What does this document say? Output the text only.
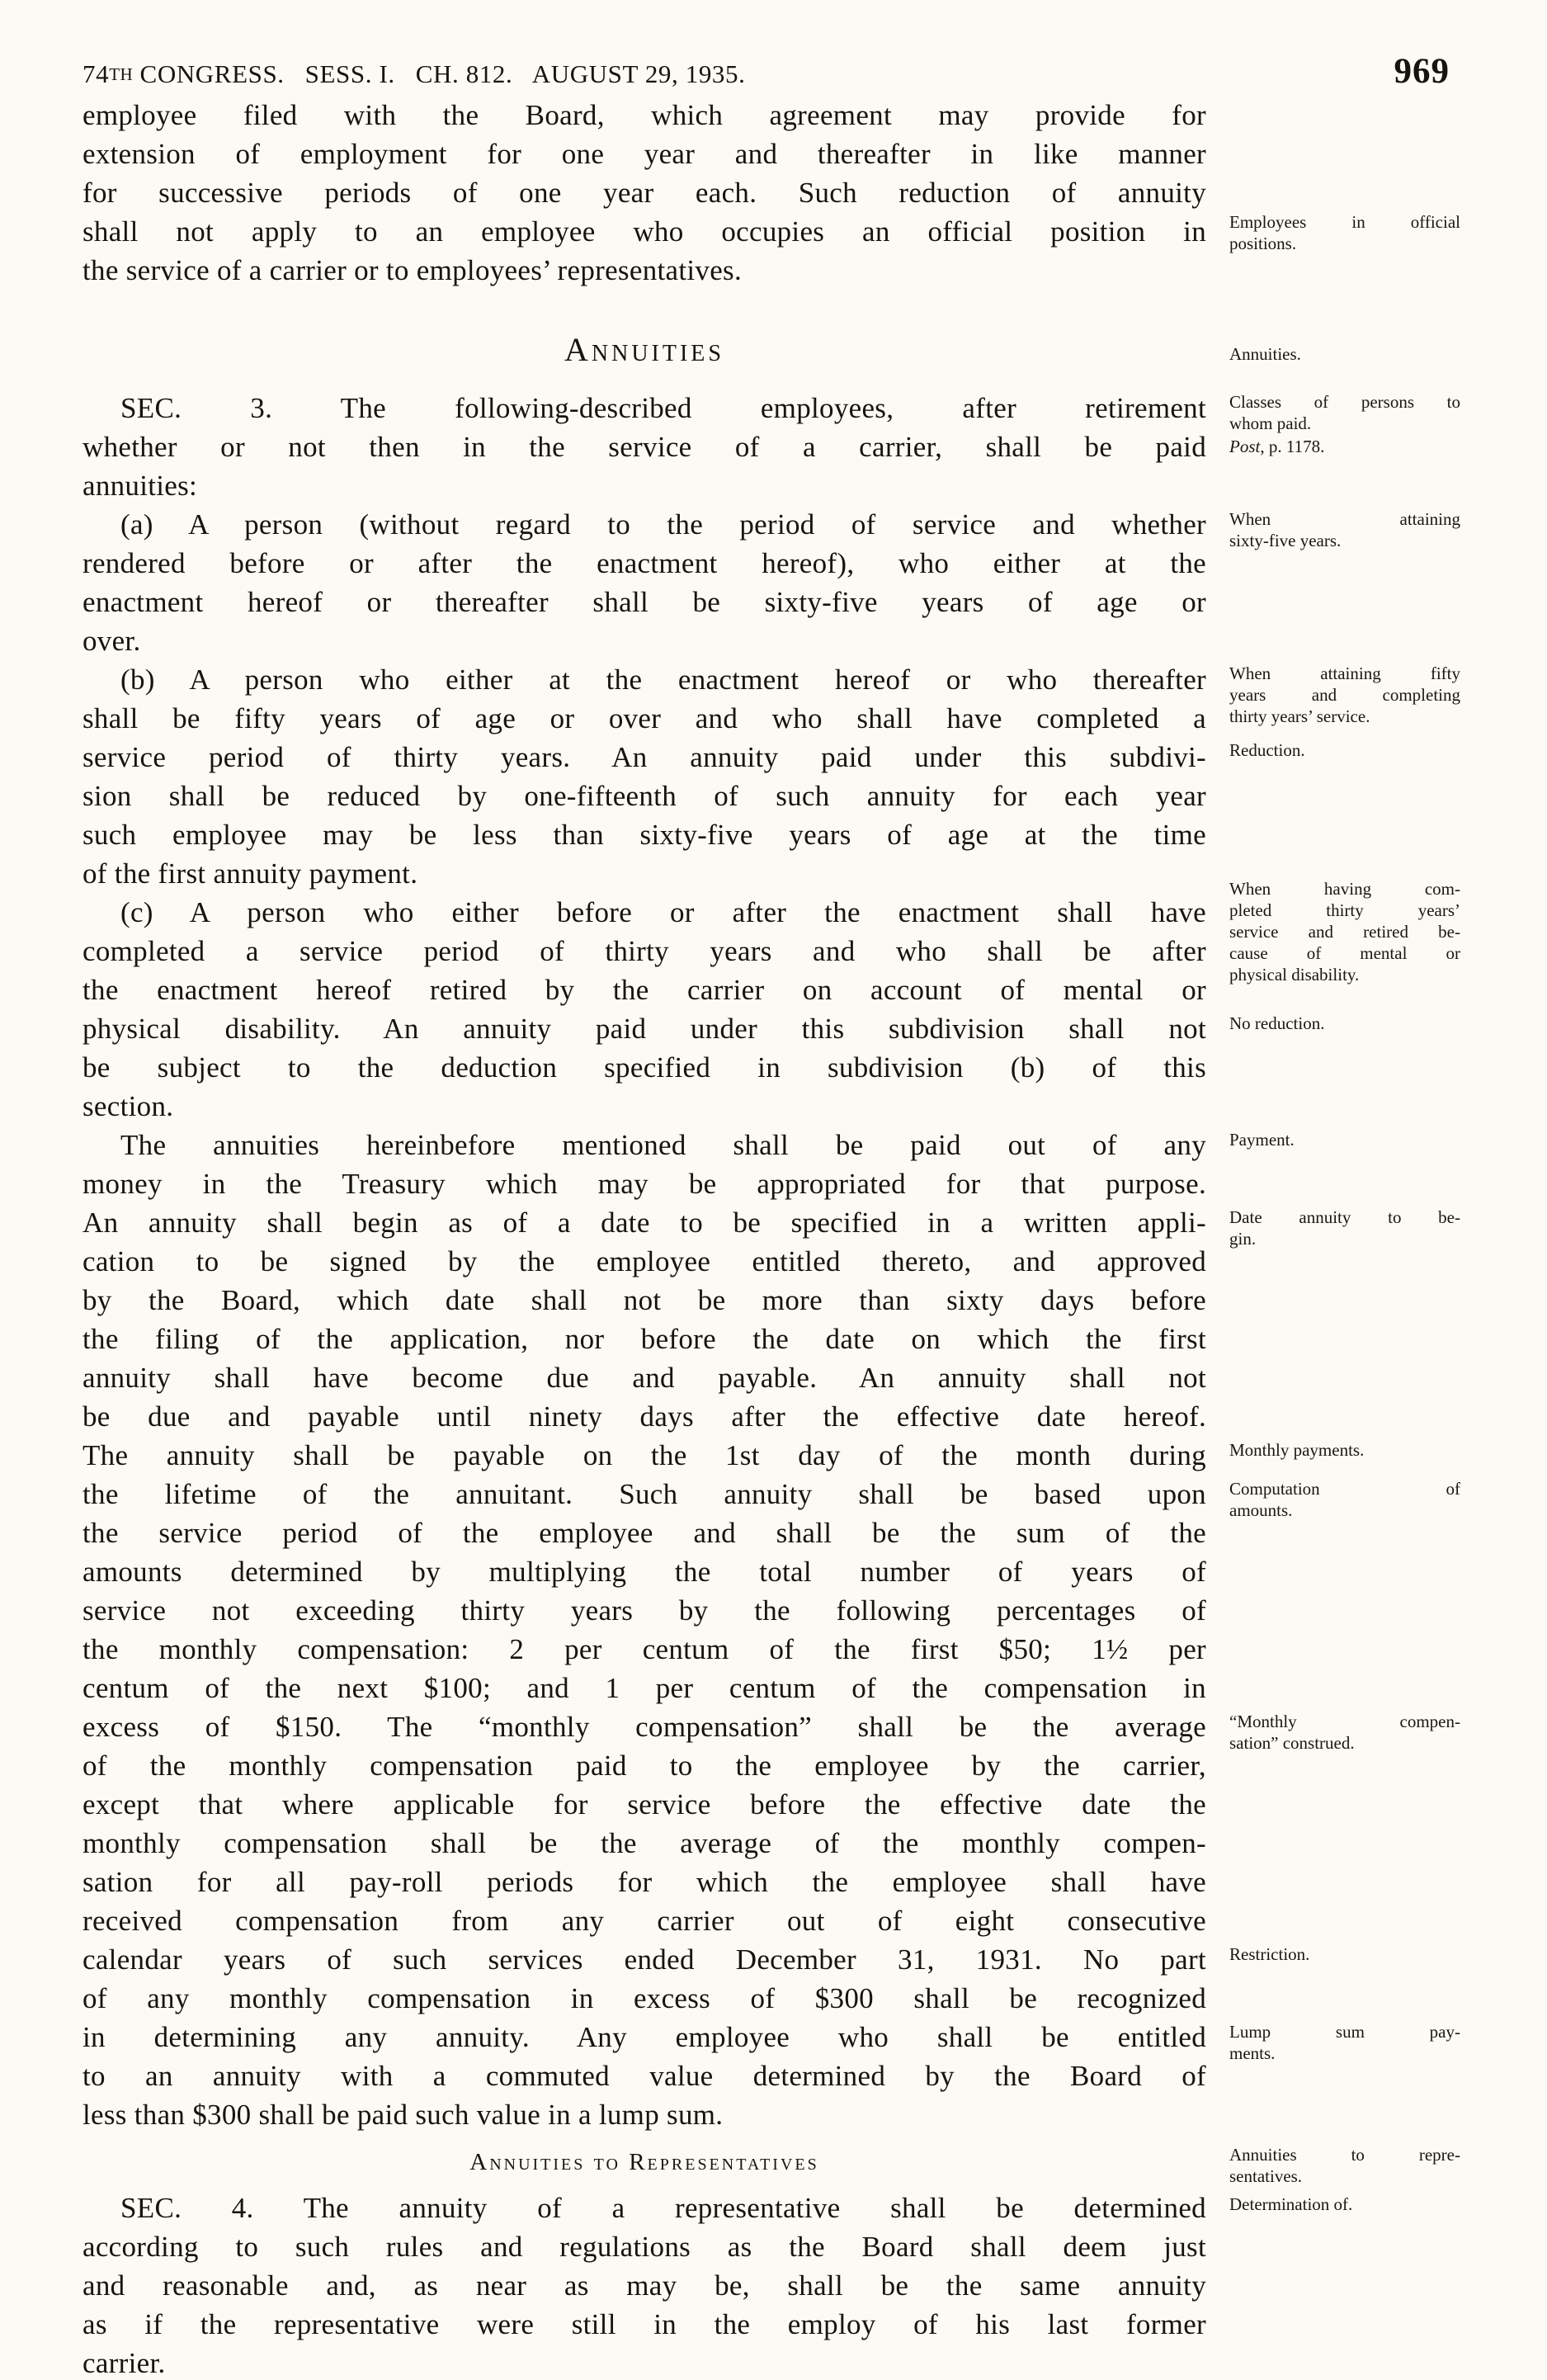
74TH CONGRESS.   SESS. I.   CH. 812.   AUGUST 29, 1935.	969
employee filed with the Board, which agreement may provide for
extension of employment for one year and thereafter in like manner
for successive periods of one year each. Such reduction of annuity
shall not apply to an employee who occupies an official position in
the service of a carrier or to employees’ representatives.
Annuities
SEC. 3. The following-described employees, after retirement
whether or not then in the service of a carrier, shall be paid
annuities:
(a) A person (without regard to the period of service and whether
rendered before or after the enactment hereof), who either at the
enactment hereof or thereafter shall be sixty-five years of age or
over.
(b) A person who either at the enactment hereof or who thereafter
shall be fifty years of age or over and who shall have completed a
service period of thirty years. An annuity paid under this subdivi-
sion shall be reduced by one-fifteenth of such annuity for each year
such employee may be less than sixty-five years of age at the time
of the first annuity payment.
(c) A person who either before or after the enactment shall have
completed a service period of thirty years and who shall be after
the enactment hereof retired by the carrier on account of mental or
physical disability. An annuity paid under this subdivision shall not
be subject to the deduction specified in subdivision (b) of this
section.
The annuities hereinbefore mentioned shall be paid out of any
money in the Treasury which may be appropriated for that purpose.
An annuity shall begin as of a date to be specified in a written appli-
cation to be signed by the employee entitled thereto, and approved
by the Board, which date shall not be more than sixty days before
the filing of the application, nor before the date on which the first
annuity shall have become due and payable. An annuity shall not
be due and payable until ninety days after the effective date hereof.
The annuity shall be payable on the 1st day of the month during
the lifetime of the annuitant. Such annuity shall be based upon
the service period of the employee and shall be the sum of the
amounts determined by multiplying the total number of years of
service not exceeding thirty years by the following percentages of
the monthly compensation: 2 per centum of the first $50; 1½ per
centum of the next $100; and 1 per centum of the compensation in
excess of $150. The “monthly compensation” shall be the average
of the monthly compensation paid to the employee by the carrier,
except that where applicable for service before the effective date the
monthly compensation shall be the average of the monthly compen-
sation for all pay-roll periods for which the employee shall have
received compensation from any carrier out of eight consecutive
calendar years of such services ended December 31, 1931. No part
of any monthly compensation in excess of $300 shall be recognized
in determining any annuity. Any employee who shall be entitled
to an annuity with a commuted value determined by the Board of
less than $300 shall be paid such value in a lump sum.
Annuities to Representatives
SEC. 4. The annuity of a representative shall be determined
according to such rules and regulations as the Board shall deem just
and reasonable and, as near as may be, shall be the same annuity
as if the representative were still in the employ of his last former
carrier.
Employees in official
positions.
Annuities.
Classes of persons to
whom paid.
Post, p. 1178.
When attaining
sixty-five years.
When attaining fifty
years and completing
thirty years’ service.
Reduction.
When having com-
pleted thirty years’
service and retired be-
cause of mental or
physical disability.
No reduction.
Payment.
Date annuity to be-
gin.
Monthly payments.
Computation of
amounts.
“Monthly compen-
sation” construed.
Restriction.
Lump sum pay-
ments.
Annuities to repre-
sentatives.
Determination of.
